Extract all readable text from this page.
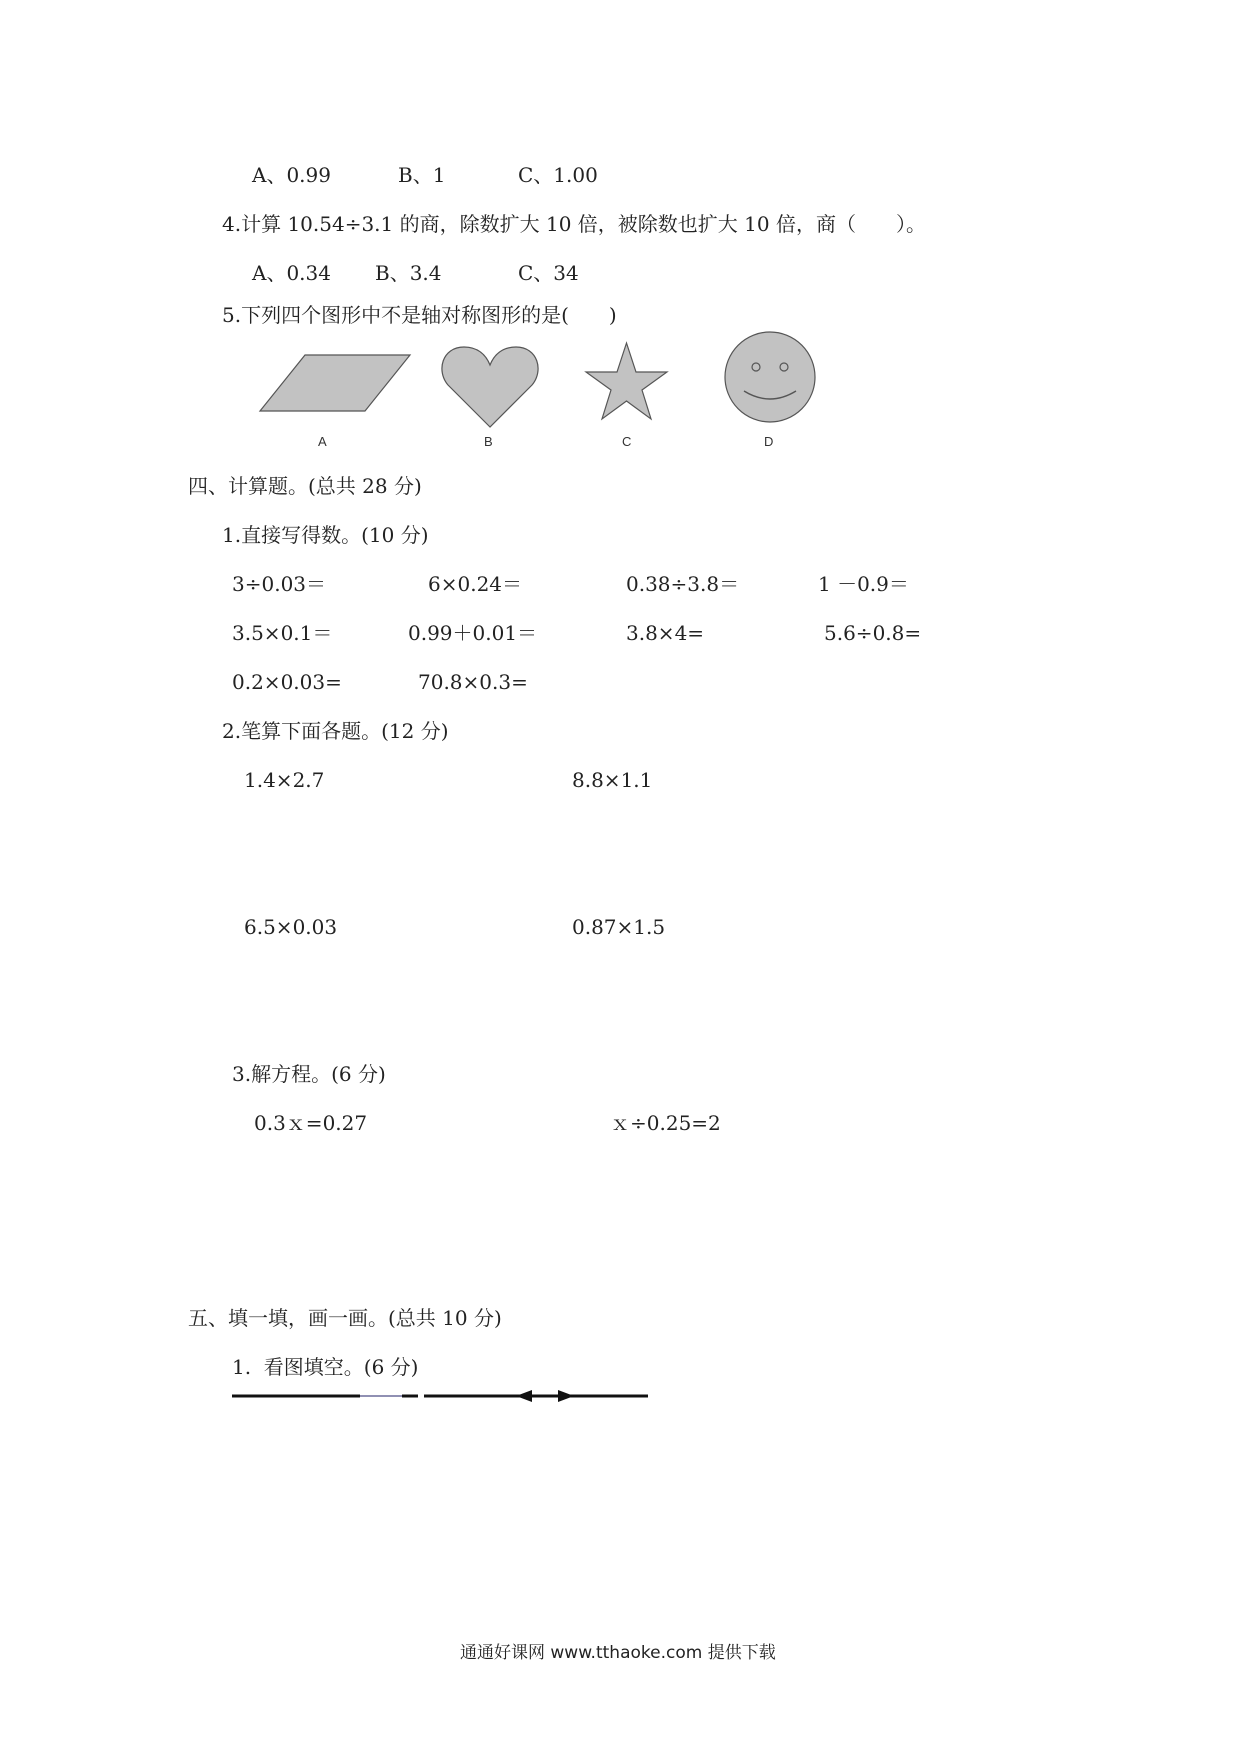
A、0.99	B、1	C、1.00
4.计算 10.54÷3.1 的商，除数扩大 10 倍，被除数也扩大 10 倍，商（　　）。
A、0.34 B、3.4	C、34
5.下列四个图形中不是轴对称图形的是(　　)
A	B	C	D
四、计算题。(总共 28 分)
1.直接写得数。(10 分)
3÷0.03＝	6×0.24＝	0.38÷3.8＝	1 －0.9＝
3.5×0.1＝	0.99＋0.01＝	3.8×4=	5.6÷0.8=
0.2×0.03=	70.8×0.3=
2.笔算下面各题。(12 分)
1.4×2.7	8.8×1.1
6.5×0.03	0.87×1.5
3.解方程。(6 分)
0.3ｘ=0.27	ｘ÷0.25=2
五、填一填，画一画。(总共 10 分)
1.  看图填空。(6 分)
通通好课网 www.tthaoke.com 提供下载
